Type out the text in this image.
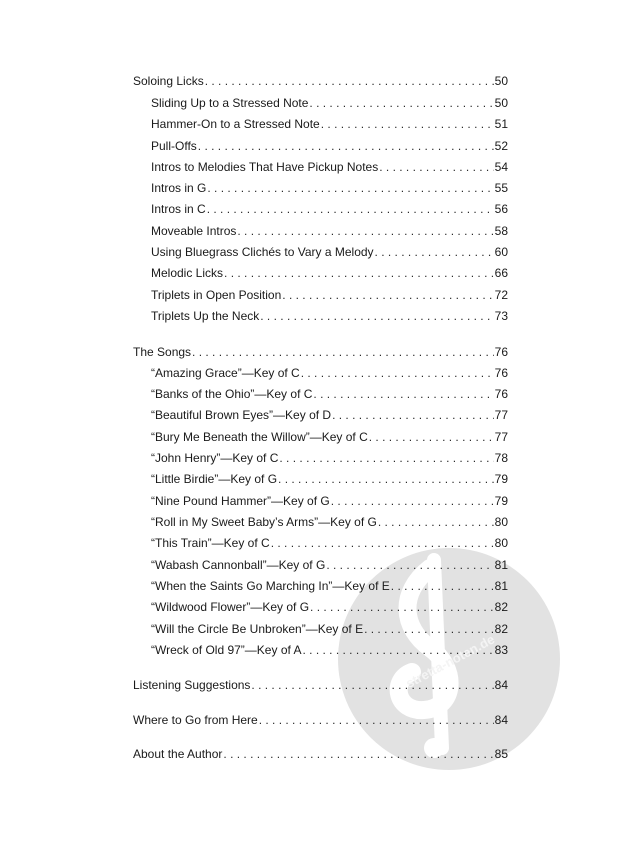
stretta-noten.de
Soloing Licks . . .	50
Sliding Up to a Stressed Note . . .	50
Hammer-On to a Stressed Note . . .	51
Pull-Offs . . .	52
Intros to Melodies That Have Pickup Notes . . .	54
Intros in G . . .	55
Intros in C . . .	56
Moveable Intros . . .	58
Using Bluegrass Clichés to Vary a Melody . . .	60
Melodic Licks . . .	66
Triplets in Open Position . . .	72
Triplets Up the Neck . . .	73
The Songs . . .	76
“Amazing Grace”—Key of C . . .	76
“Banks of the Ohio”—Key of C . . .	76
“Beautiful Brown Eyes”—Key of D . . .	77
“Bury Me Beneath the Willow”—Key of C . . .	77
“John Henry”—Key of C . . .	78
“Little Birdie”—Key of G . . .	79
“Nine Pound Hammer”—Key of G . . .	79
“Roll in My Sweet Baby’s Arms”—Key of G . . .	80
“This Train”—Key of C . . .	80
“Wabash Cannonball”—Key of G . . .	81
“When the Saints Go Marching In”—Key of E . . .	81
“Wildwood Flower”—Key of G . . .	82
“Will the Circle Be Unbroken”—Key of E . . .	82
“Wreck of Old 97”—Key of A . . .	83
Listening Suggestions . . .	84
Where to Go from Here . . .	84
About the Author . . .	85
